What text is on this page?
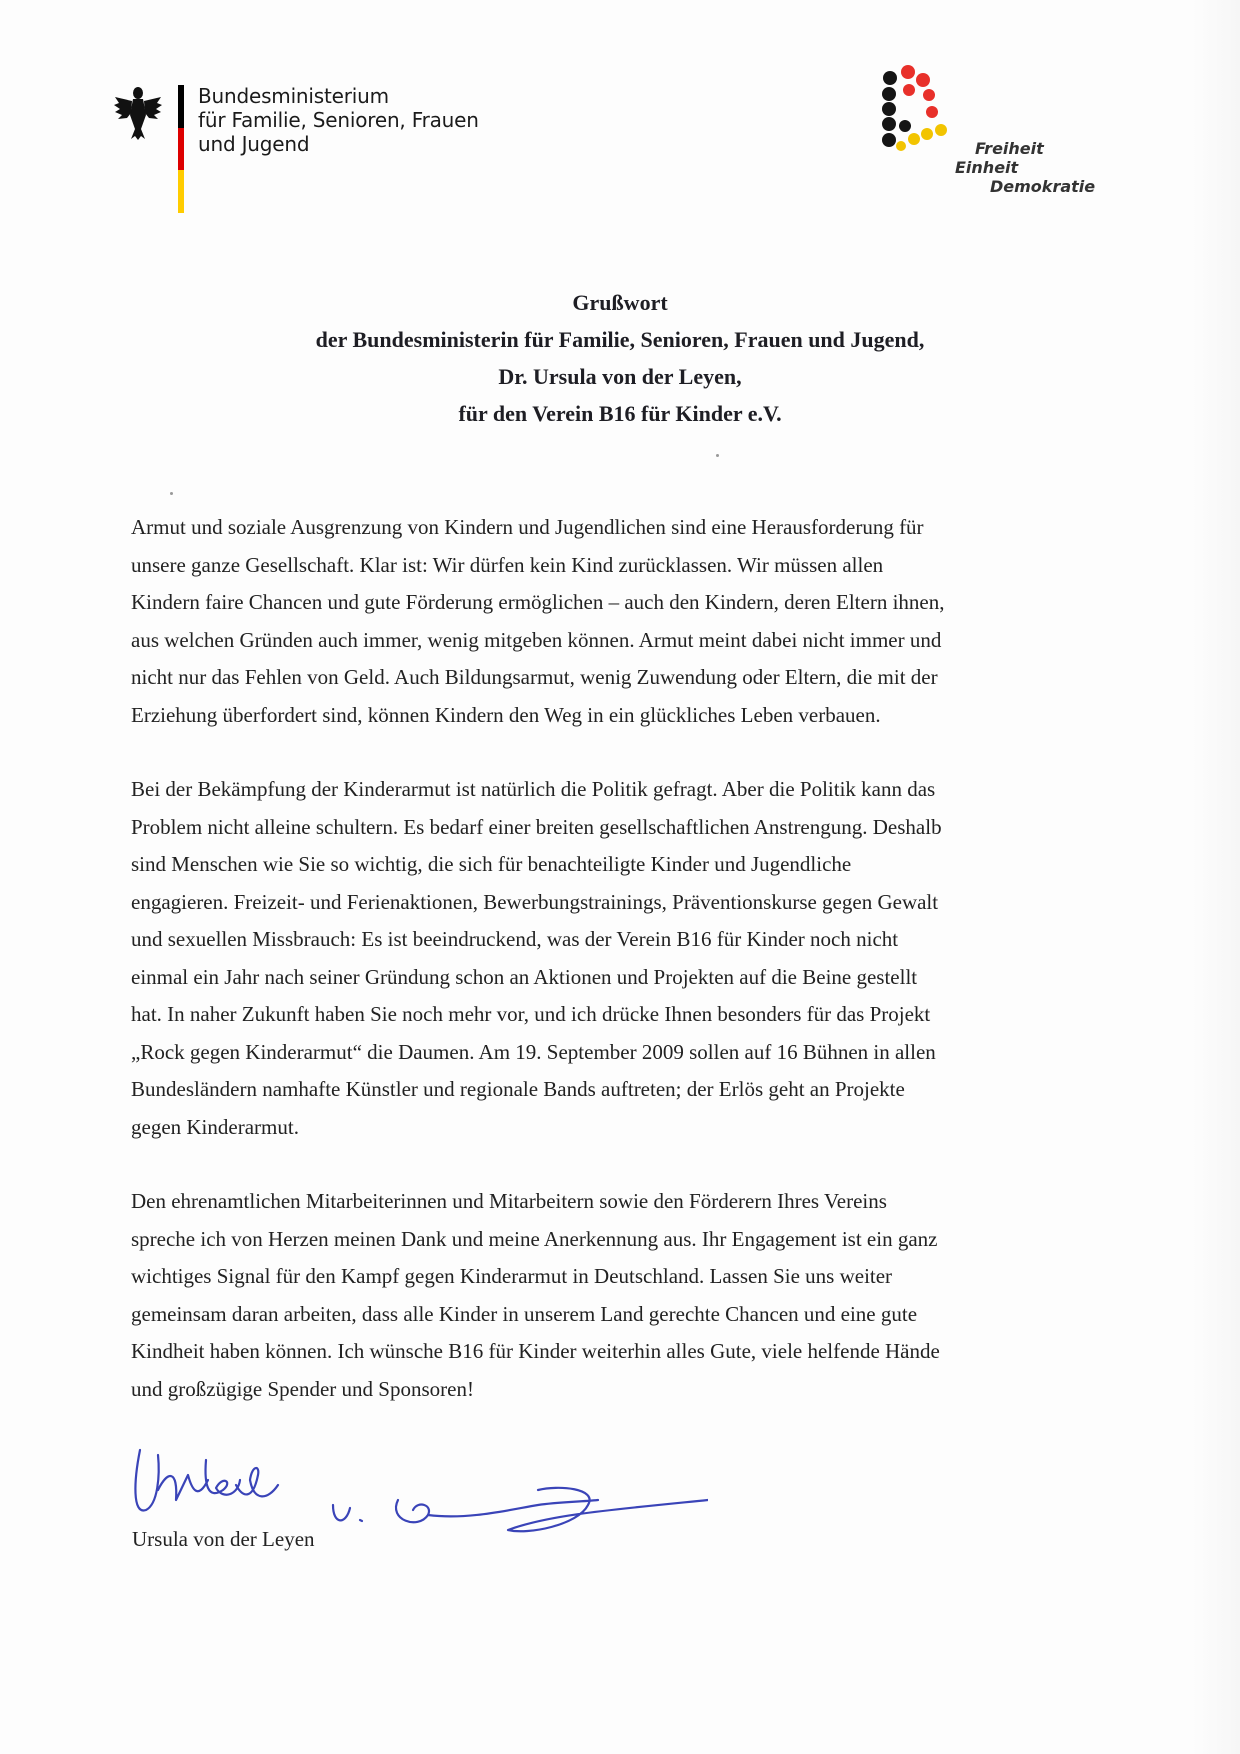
Bundesministerium
für Familie, Senioren, Frauen
und Jugend	Freiheit
Einheit
Demokratie
Grußwort
der Bundesministerin für Familie, Senioren, Frauen und Jugend,
Dr. Ursula von der Leyen,
für den Verein B16 für Kinder e.V.
Armut und soziale Ausgrenzung von Kindern und Jugendlichen sind eine Herausforderung für
unsere ganze Gesellschaft. Klar ist: Wir dürfen kein Kind zurücklassen. Wir müssen allen
Kindern faire Chancen und gute Förderung ermöglichen – auch den Kindern, deren Eltern ihnen,
aus welchen Gründen auch immer, wenig mitgeben können. Armut meint dabei nicht immer und
nicht nur das Fehlen von Geld. Auch Bildungsarmut, wenig Zuwendung oder Eltern, die mit der
Erziehung überfordert sind, können Kindern den Weg in ein glückliches Leben verbauen.
Bei der Bekämpfung der Kinderarmut ist natürlich die Politik gefragt. Aber die Politik kann das
Problem nicht alleine schultern. Es bedarf einer breiten gesellschaftlichen Anstrengung. Deshalb
sind Menschen wie Sie so wichtig, die sich für benachteiligte Kinder und Jugendliche
engagieren. Freizeit- und Ferienaktionen, Bewerbungstrainings, Präventionskurse gegen Gewalt
und sexuellen Missbrauch: Es ist beeindruckend, was der Verein B16 für Kinder noch nicht
einmal ein Jahr nach seiner Gründung schon an Aktionen und Projekten auf die Beine gestellt
hat. In naher Zukunft haben Sie noch mehr vor, und ich drücke Ihnen besonders für das Projekt
„Rock gegen Kinderarmut“ die Daumen. Am 19. September 2009 sollen auf 16 Bühnen in allen
Bundesländern namhafte Künstler und regionale Bands auftreten; der Erlös geht an Projekte
gegen Kinderarmut.
Den ehrenamtlichen Mitarbeiterinnen und Mitarbeitern sowie den Förderern Ihres Vereins
spreche ich von Herzen meinen Dank und meine Anerkennung aus. Ihr Engagement ist ein ganz
wichtiges Signal für den Kampf gegen Kinderarmut in Deutschland. Lassen Sie uns weiter
gemeinsam daran arbeiten, dass alle Kinder in unserem Land gerechte Chancen und eine gute
Kindheit haben können. Ich wünsche B16 für Kinder weiterhin alles Gute, viele helfende Hände
und großzügige Spender und Sponsoren!
Ursula von der Leyen
